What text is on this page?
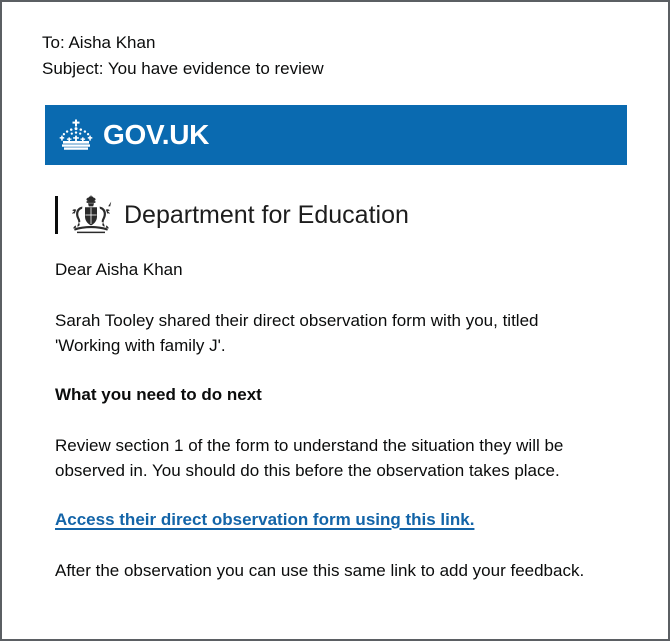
To: Aisha Khan
Subject: You have evidence to review
GOV.UK
Department for Education

Dear Aisha Khan

Sarah Tooley shared their direct observation form with you, titled 'Working with family J'.

What you need to do next

Review section 1 of the form to understand the situation they will be observed in. You should do this before the observation takes place.

Access their direct observation form using this link.

After the observation you can use this same link to add your feedback.
